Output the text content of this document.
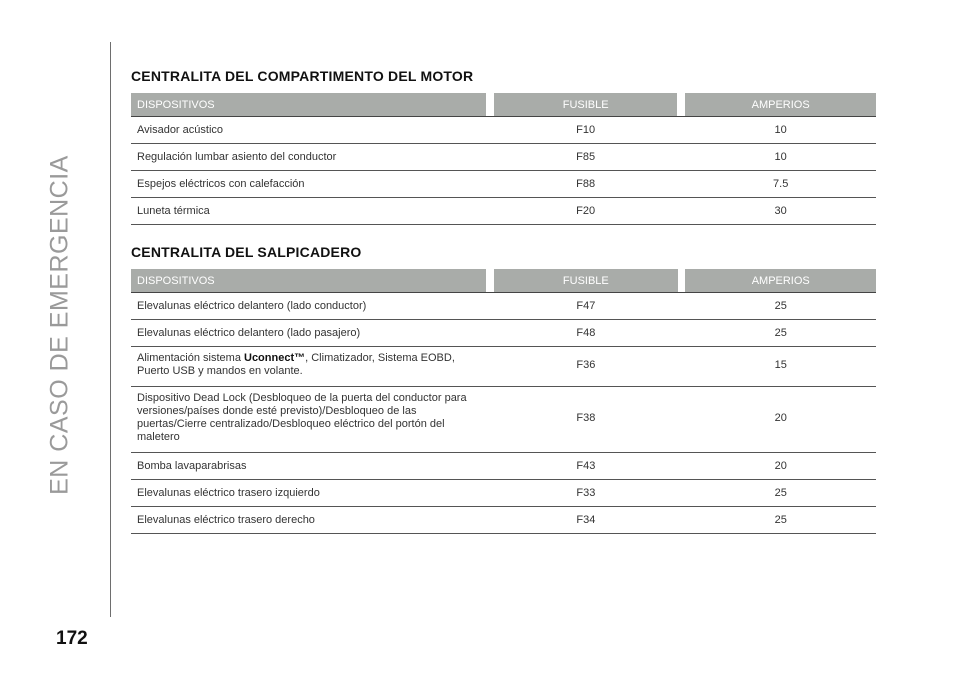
EN CASO DE EMERGENCIA
172
CENTRALITA DEL COMPARTIMENTO DEL MOTOR
DISPOSITIVOS		FUSIBLE		AMPERIOS
Avisador acústico		F10		10
Regulación lumbar asiento del conductor		F85		10
Espejos eléctricos con calefacción		F88		7.5
Luneta térmica		F20		30
CENTRALITA DEL SALPICADERO
DISPOSITIVOS		FUSIBLE		AMPERIOS
Elevalunas eléctrico delantero (lado conductor)		F47		25
Elevalunas eléctrico delantero (lado pasajero)		F48		25
Alimentación sistema Uconnect™, Climatizador, Sistema EOBD, Puerto USB y mandos en volante.		F36		15
Dispositivo Dead Lock (Desbloqueo de la puerta del conductor para versiones/países donde esté previsto)/Desbloqueo de las puertas/Cierre centralizado/Desbloqueo eléctrico del portón del maletero		F38		20
Bomba lavaparabrisas		F43		20
Elevalunas eléctrico trasero izquierdo		F33		25
Elevalunas eléctrico trasero derecho		F34		25
